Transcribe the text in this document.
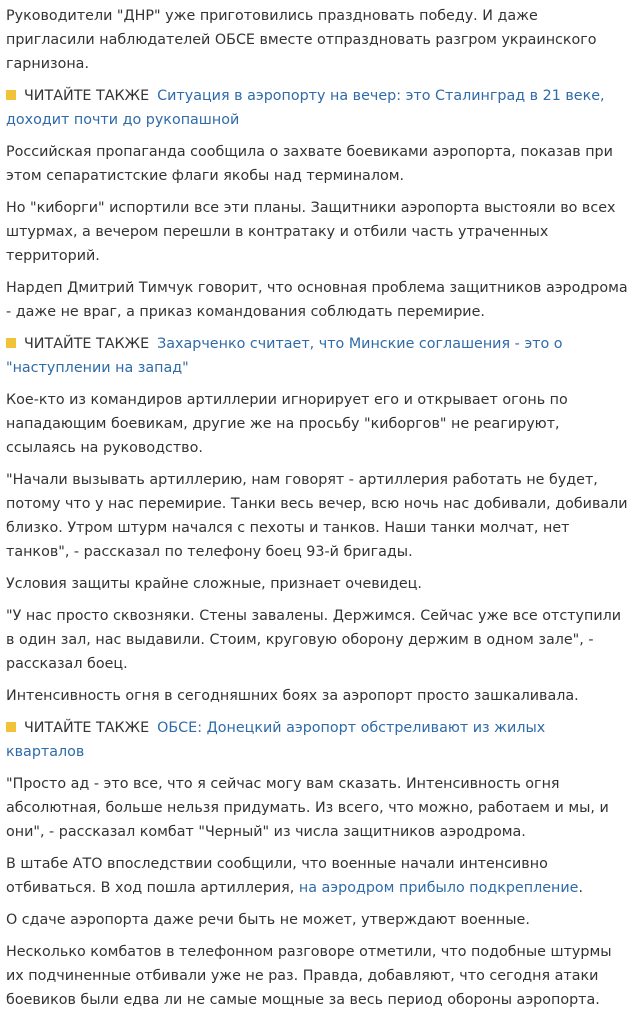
Руководители "ДНР" уже приготовились праздновать победу. И даже пригласили наблюдателей ОБСЕ вместе отпраздновать разгром украинского гарнизона.

ЧИТАЙТЕ ТАКЖЕ Ситуация в аэропорту на вечер: это Сталинград в 21 веке, доходит почти до рукопашной

Российская пропаганда сообщила о захвате боевиками аэропорта, показав при этом сепаратистские флаги якобы над терминалом.

Но "киборги" испортили все эти планы. Защитники аэропорта выстояли во всех штурмах, а вечером перешли в контратаку и отбили часть утраченных территорий.

Нардеп Дмитрий Тимчук говорит, что основная проблема защитников аэродрома - даже не враг, а приказ командования соблюдать перемирие.

ЧИТАЙТЕ ТАКЖЕ Захарченко считает, что Минские соглашения - это о "наступлении на запад"

Кое-кто из командиров артиллерии игнорирует его и открывает огонь по нападающим боевикам, другие же на просьбу "киборгов" не реагируют, ссылаясь на руководство.

"Начали вызывать артиллерию, нам говорят - артиллерия работать не будет, потому что у нас перемирие. Танки весь вечер, всю ночь нас добивали, добивали близко. Утром штурм начался с пехоты и танков. Наши танки молчат, нет танков", - рассказал по телефону боец 93-й бригады.

Условия защиты крайне сложные, признает очевидец.

"У нас просто сквозняки. Стены завалены. Держимся. Сейчас уже все отступили в один зал, нас выдавили. Стоим, круговую оборону держим в одном зале", - рассказал боец.

Интенсивность огня в сегодняшних боях за аэропорт просто зашкаливала.

ЧИТАЙТЕ ТАКЖЕ ОБСЕ: Донецкий аэропорт обстреливают из жилых кварталов

"Просто ад - это все, что я сейчас могу вам сказать. Интенсивность огня абсолютная, больше нельзя придумать. Из всего, что можно, работаем и мы, и они", - рассказал комбат "Черный" из числа защитников аэродрома.

В штабе АТО впоследствии сообщили, что военные начали интенсивно отбиваться. В ход пошла артиллерия, на аэродром прибыло подкрепление.

О сдаче аэропорта даже речи быть не может, утверждают военные.

Несколько комбатов в телефонном разговоре отметили, что подобные штурмы их подчиненные отбивали уже не раз. Правда, добавляют, что сегодня атаки боевиков были едва ли не самые мощные за весь период обороны аэропорта.
